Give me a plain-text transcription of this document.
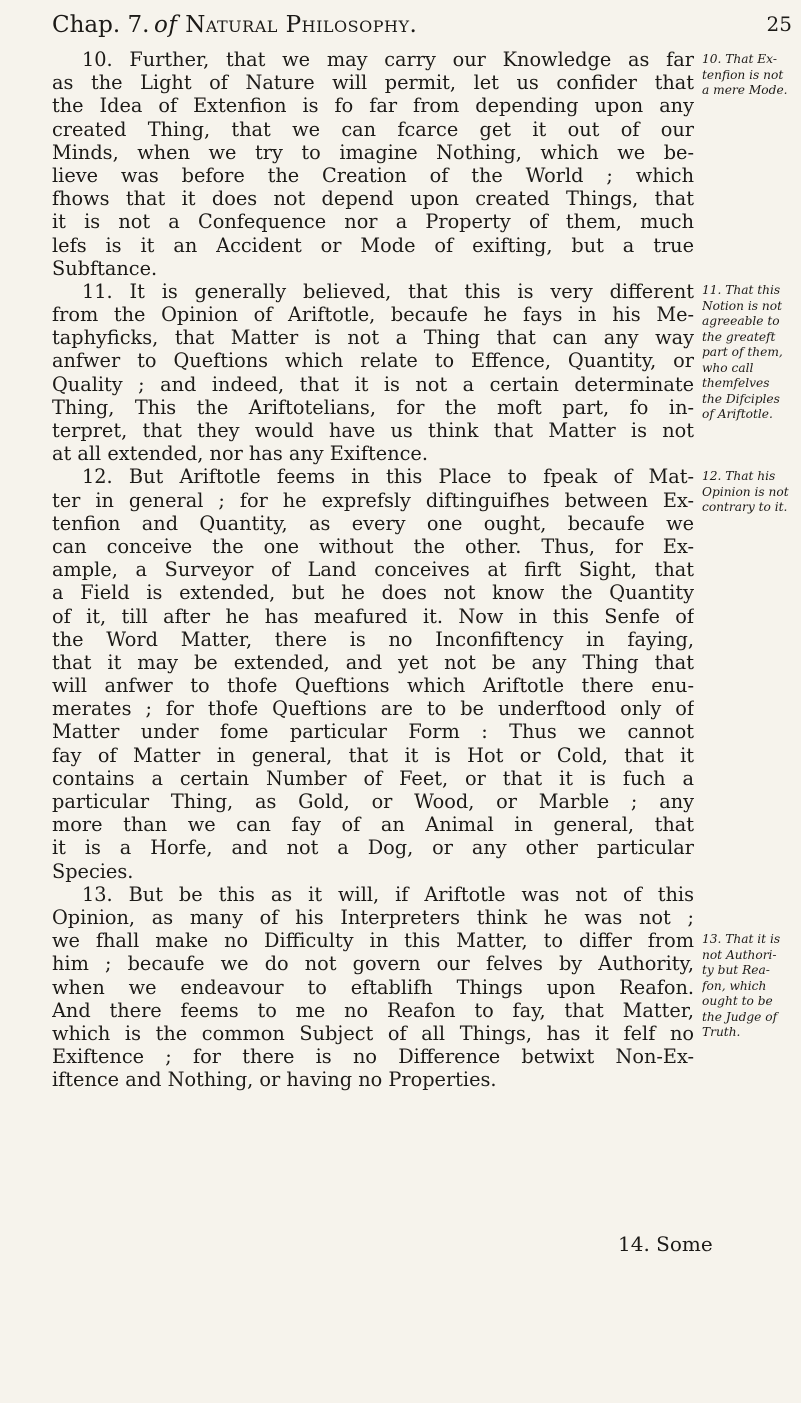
Chap. 7. of Natural Philosophy.	25
10. Further, that we may carry our Knowledge as far
as the Light of Nature will permit, let us confider that
the Idea of Extenfion is fo far from depending upon any
created Thing, that we can fcarce get it out of our
Minds, when we try to imagine Nothing, which we be-
lieve was before the Creation of the World ; which
fhows that it does not depend upon created Things, that
it is not a Confequence nor a Property of them, much
lefs is it an Accident or Mode of exifting, but a true
Subftance.
11. It is generally believed, that this is very different
from the Opinion of Ariftotle, becaufe he fays in his Me-
taphyficks, that Matter is not a Thing that can any way
anfwer to Queftions which relate to Effence, Quantity, or
Quality ; and indeed, that it is not a certain determinate
Thing, This the Ariftotelians, for the moft part, fo in-
terpret, that they would have us think that Matter is not
at all extended, nor has any Exiftence.
12. But Ariftotle feems in this Place to fpeak of Mat-
ter in general ; for he exprefsly diftinguifhes between Ex-
tenfion and Quantity, as every one ought, becaufe we
can conceive the one without the other. Thus, for Ex-
ample, a Surveyor of Land conceives at firft Sight, that
a Field is extended, but he does not know the Quantity
of it, till after he has meafured it. Now in this Senfe of
the Word Matter, there is no Inconfiftency in faying,
that it may be extended, and yet not be any Thing that
will anfwer to thofe Queftions which Ariftotle there enu-
merates ; for thofe Queftions are to be underftood only of
Matter under fome particular Form : Thus we cannot
fay of Matter in general, that it is Hot or Cold, that it
contains a certain Number of Feet, or that it is fuch a
particular Thing, as Gold, or Wood, or Marble ; any
more than we can fay of an Animal in general, that
it is a Horfe, and not a Dog, or any other particular
Species.
13. But be this as it will, if Ariftotle was not of this
Opinion, as many of his Interpreters think he was not ;
we fhall make no Difficulty in this Matter, to differ from
him ; becaufe we do not govern our felves by Authority,
when we endeavour to eftablifh Things upon Reafon.
And there feems to me no Reafon to fay, that Matter,
which is the common Subject of all Things, has it felf no
Exiftence ; for there is no Difference betwixt Non-Ex-
iftence and Nothing, or having no Properties.
10. That Ex-
tenfion is not
a mere Mode.
11. That this
Notion is not
agreeable to
the greateft
part of them,
who call
themfelves
the Difciples
of Ariftotle.
12. That his
Opinion is not
contrary to it.
13. That it is
not Authori-
ty but Rea-
fon, which
ought to be
the Judge of
Truth.
14. Some
